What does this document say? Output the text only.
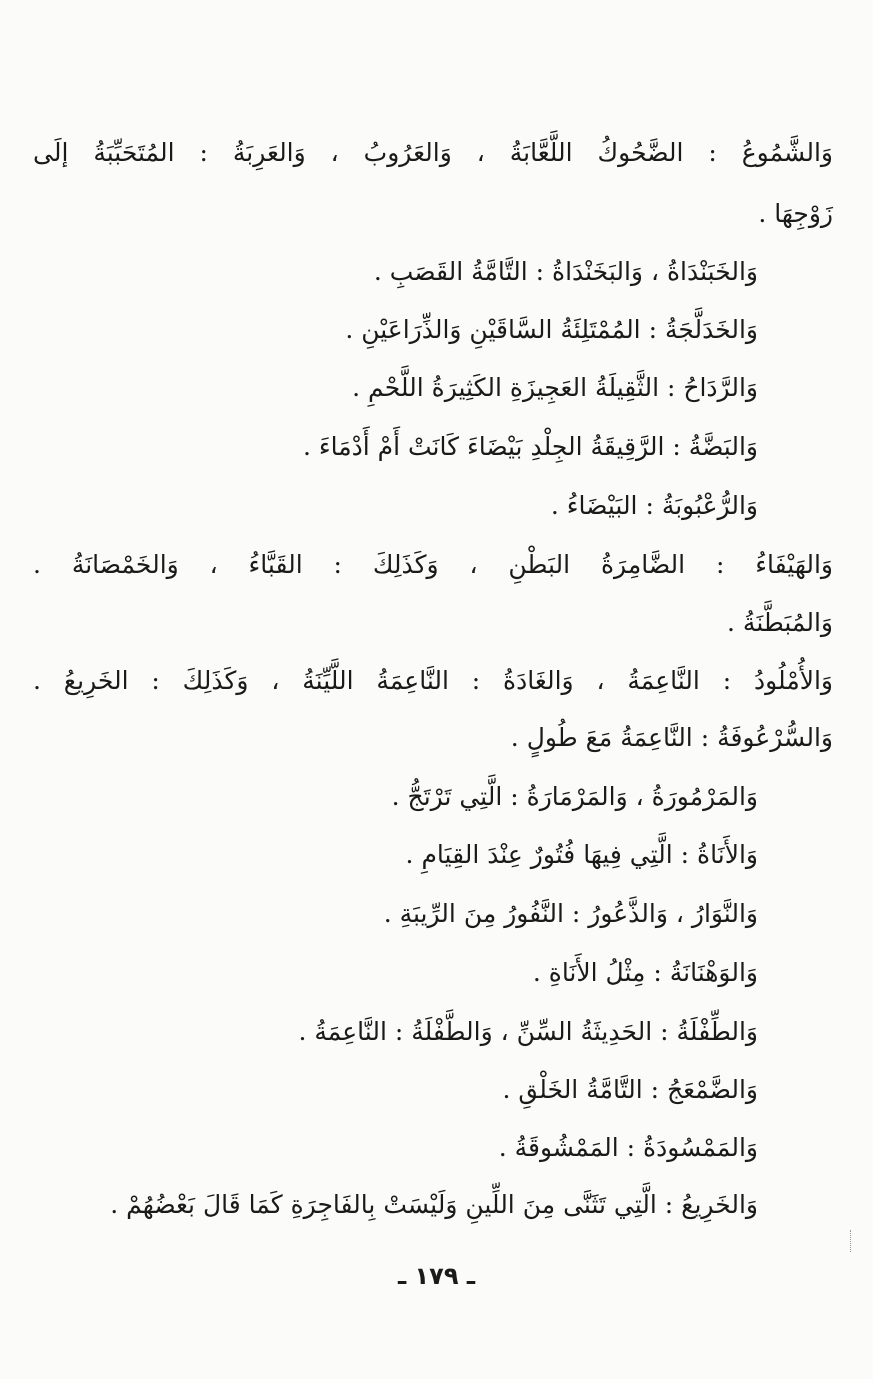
وَالشَّمُوعُ : الضَّحُوكُ اللَّعَّابَةُ ، وَالعَرُوبُ ، وَالعَرِبَةُ : المُتَحَبِّبَةُ إلَى
زَوْجِهَا .
وَالخَبَنْدَاةُ ، وَالبَخَنْدَاةُ : التَّامَّةُ القَصَبِ .
وَالخَدَلَّجَةُ : المُمْتَلِئَةُ السَّاقَيْنِ وَالذِّرَاعَيْنِ .
وَالرَّدَاحُ : الثَّقِيلَةُ العَجِيزَةِ الكَثِيرَةُ اللَّحْمِ .
وَالبَضَّةُ : الرَّقِيقَةُ الجِلْدِ بَيْضَاءَ كَانَتْ أَمْ أَدْمَاءَ .
وَالرُّعْبُوبَةُ : البَيْضَاءُ .
وَالهَيْفَاءُ : الضَّامِرَةُ البَطْنِ ، وَكَذَلِكَ : القَبَّاءُ ، وَالخَمْصَانَةُ .
وَالمُبَطَّنَةُ .
وَالأُمْلُودُ : النَّاعِمَةُ ، وَالغَادَةُ : النَّاعِمَةُ اللَّيِّنَةُ ، وَكَذَلِكَ : الخَرِيعُ .
وَالسُّرْعُوفَةُ : النَّاعِمَةُ مَعَ طُولٍ .
وَالمَرْمُورَةُ ، وَالمَرْمَارَةُ : الَّتِي تَرْتَجُّ .
وَالأَنَاةُ : الَّتِي فِيهَا فُتُورٌ عِنْدَ القِيَامِ .
وَالنَّوَارُ ، وَالذَّعُورُ : النَّفُورُ مِنَ الرِّيبَةِ .
وَالوَهْنَانَةُ : مِثْلُ الأَنَاةِ .
وَالطِّفْلَةُ : الحَدِيثَةُ السِّنِّ ، وَالطَّفْلَةُ : النَّاعِمَةُ .
وَالضَّمْعَجُ : التَّامَّةُ الخَلْقِ .
وَالمَمْسُودَةُ : المَمْشُوقَةُ .
وَالخَرِيعُ : الَّتِي تَثَنَّى مِنَ اللِّينِ وَلَيْسَتْ بِالفَاجِرَةِ كَمَا قَالَ بَعْضُهُمْ .
ـ ١٧٩ ـ
